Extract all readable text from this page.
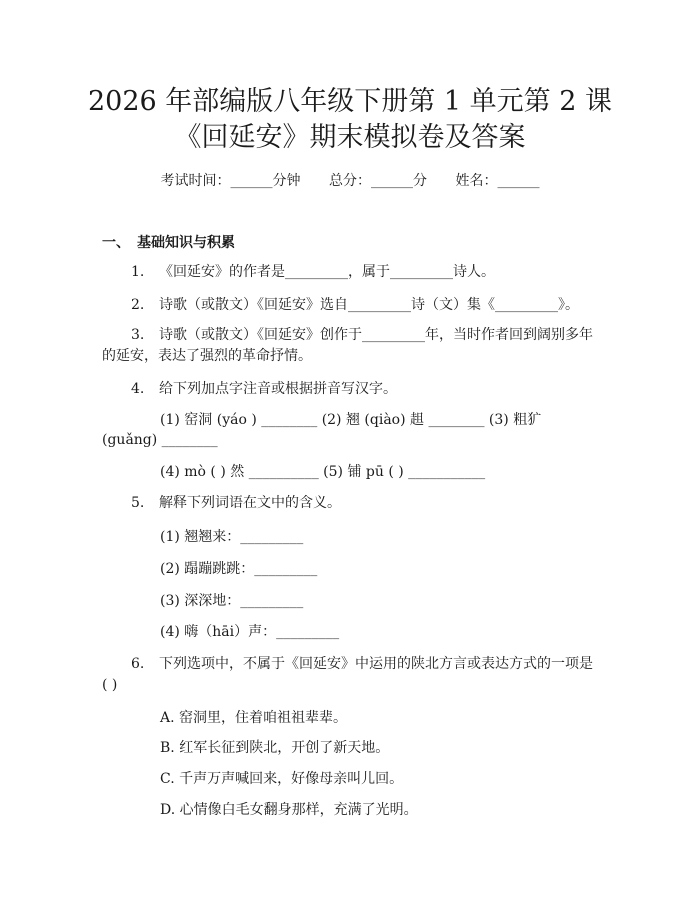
2026 年部编版八年级下册第 1 单元第 2 课
《回延安》期末模拟卷及答案
考试时间：______分钟 总分：______分 姓名：______
一、　基础知识与积累
1. 《回延安》的作者是_________，属于_________诗人。
2. 诗歌（或散文）《回延安》选自_________诗（文）集《_________》。
3. 诗歌（或散文）《回延安》创作于_________年，当时作者回到阔别多年
的延安，表达了强烈的革命抒情。
4. 给下列加点字注音或根据拼音写汉字。
(1) 窑洞 (yáo ) ________ (2) 翘 (qiào) 趄 ________ (3) 粗犷
(guǎng) ________
(4) mò ( ) 然 __________ (5) 铺 pū ( ) ___________
5. 解释下列词语在文中的含义。
(1) 翘翘来：_________
(2) 蹋蹦跳跳：_________
(3) 深深地：_________
(4) 嗨（hāi）声：_________
6. 下列选项中，不属于《回延安》中运用的陕北方言或表达方式的一项是
( )
A. 窑洞里，住着咱祖祖辈辈。
B. 红军长征到陕北，开创了新天地。
C. 千声万声喊回来，好像母亲叫儿回。
D. 心情像白毛女翻身那样，充满了光明。
